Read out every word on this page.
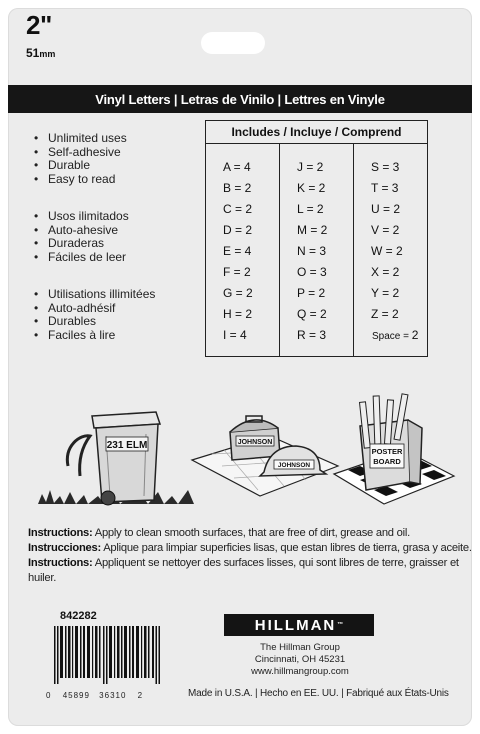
2"
51mm
Vinyl Letters | Letras de Vinilo | Lettres en Vinyle
• Unlimited uses
• Self-adhesive
• Durable
• Easy to read
• Usos ilimitados
• Auto-ahesive
• Duraderas
• Fáciles de leer
• Utilisations illimitées
• Auto-adhésif
• Durables
• Faciles à lire
Includes / Incluye / Comprend
A = 4
B = 2
C = 2
D = 2
E = 4
F = 2
G = 2
H = 2
I = 4
J = 2
K = 2
L = 2
M = 2
N = 3
O = 3
P = 2
Q = 2
R = 3
S = 3
T = 3
U = 2
V = 2
W = 2
X = 2
Y = 2
Z = 2
Space = 2
231 ELM	JOHNSON
JOHNSON
POSTER
BOARD
Instructions: Apply to clean smooth surfaces, that are free of dirt, grease and oil.
Instrucciones: Aplique para limpiar superficies lisas, que estan libres de tierra, grasa y aceite.
Instructions: Appliquent se nettoyer des surfaces lisses, qui sont libres de terre, graisser et huiler.
842282
0 45899 36310 2
HILLMAN ™
The Hillman Group
Cincinnati, OH 45231
www.hillmangroup.com
Made in U.S.A. | Hecho en EE. UU. | Fabriqué aux États-Unis
